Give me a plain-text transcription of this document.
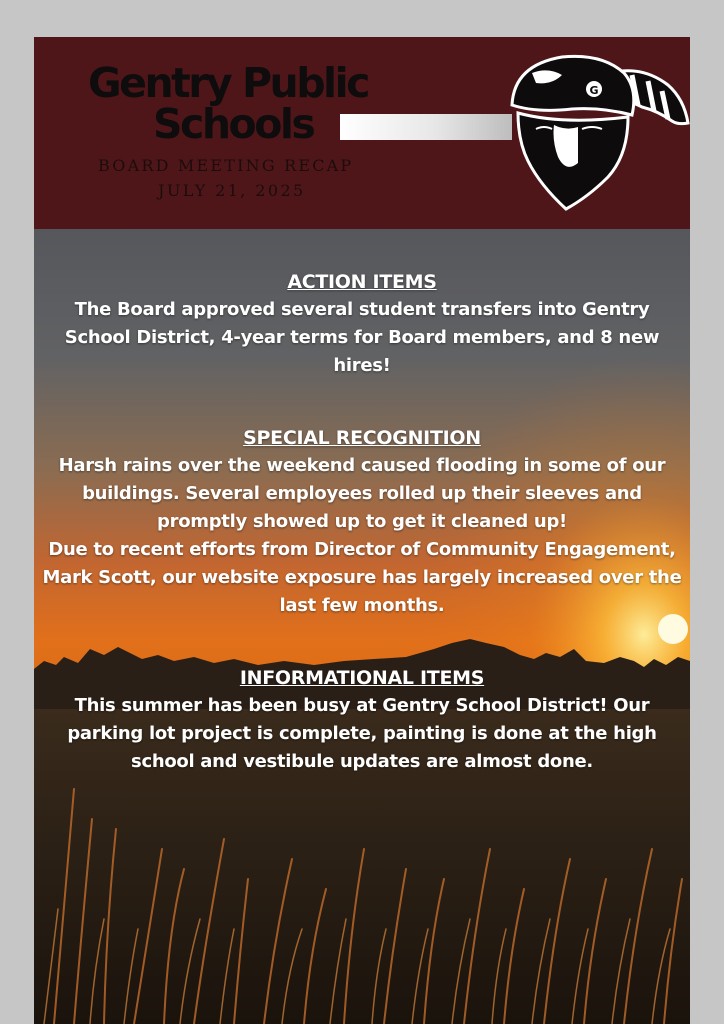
Gentry Public
Schools

BOARD MEETING RECAP

JULY 21, 2025

G
ACTION ITEMS

The Board approved several student transfers into Gentry School District, 4-year terms for Board members, and 8 new hires!

SPECIAL RECOGNITION

Harsh rains over the weekend caused flooding in some of our buildings. Several employees rolled up their sleeves and promptly showed up to get it cleaned up!

Due to recent efforts from Director of Community Engagement, Mark Scott, our website exposure has largely increased over the last few months.

INFORMATIONAL ITEMS

This summer has been busy at Gentry School District! Our parking lot project is complete, painting is done at the high school and vestibule updates are almost done.
